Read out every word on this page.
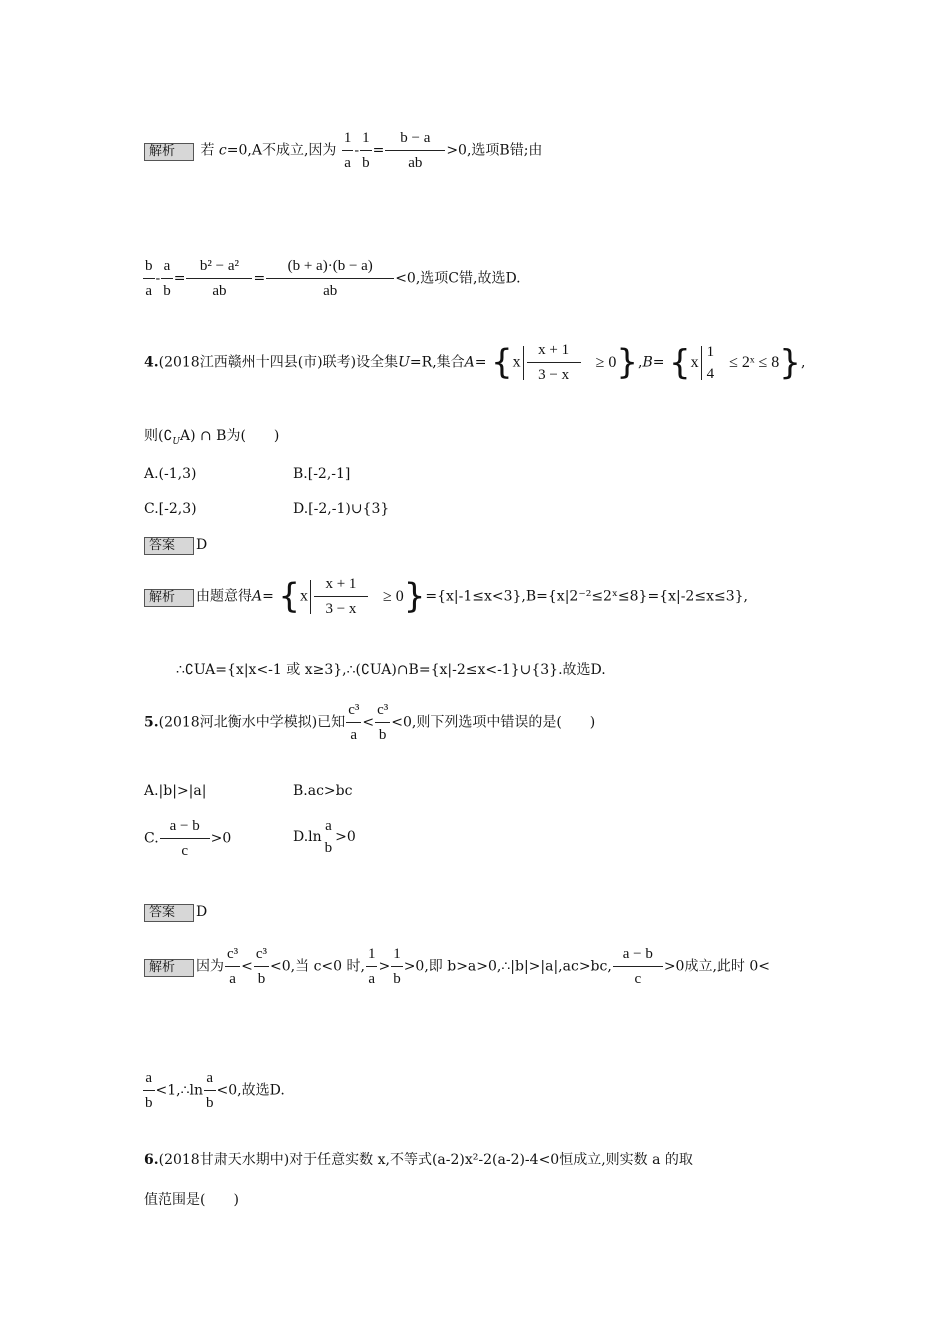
解析 若 c=0,A不成立,因为 $\frac{1}{a} - \frac{1}{b} = \frac{b - a}{ab} >0$,选项B错;由
$\frac{b}{a} - \frac{a}{b} = \frac{\text{b² − a²}}{ab} = \frac{(b + a)\cdot(b - a)}{ab} <0$,选项C错,故选D.
4.(2018江西赣州十四县(市)联考)设全集U=R,集合$A= \{x \frac{x + 1}{3 - x} \ge 0\},B= \{x$
1
4
≤ 2ˣ ≤ 8},
则$(∁_UA)$ ∩ B为(　　)
A.(-1,3)	B.[-2,-1]
C.[-2,3)	D.[-2,-1)∪{3}
答案 D
解析 由题意得$A= \{x \frac{x + 1}{3 - x}$ ≥ 0}={x|-1≤x<3},B={x|2⁻²≤2ˣ≤8}={x|-2≤x≤3},
∴∁UA={x|x<-1 或 x≥3},∴(∁UA)∩B={x|-2≤x<-1}∪{3}.故选D.
5.(2018河北衡水中学模拟)已知 $\frac{\text{c³}}{a} < \frac{\text{c³}}{b} <0$,则下列选项中错误的是(　　)
A.|b|>|a|	B.ac>bc
C. $\frac{a - b}{c} >0$	D.ln
a
b
>0
答案 D
解析 因为 $\frac{\text{c³}}{a} < \frac{\text{c³}}{b} <0$,当 c<0 时, $\frac{1}{a} > \frac{1}{b} >0$,即 b>a>0,∴|b|>|a|,ac>bc, $\frac{a - b}{c} >0$成立,此时 0<
$\frac{a}{b}$ <1,∴ln $\frac{a}{b} <0$,故选D.
6.(2018甘肃天水期中)对于任意实数 x,不等式(a-2)x²-2(a-2)-4<0恒成立,则实数 a 的取
值范围是(　　)
